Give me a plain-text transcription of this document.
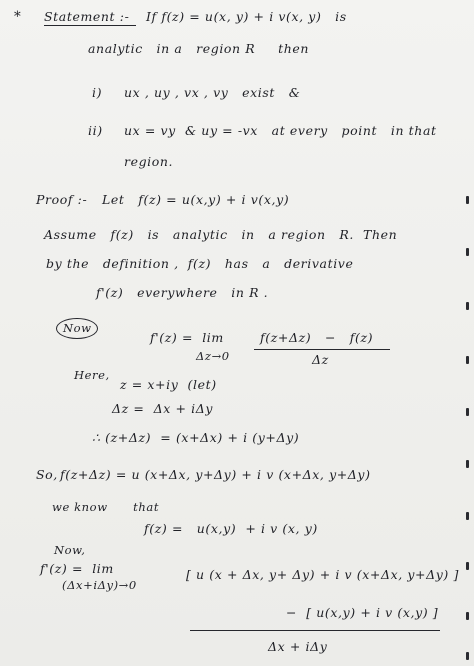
* Statement :- If f(z) = u(x, y) + i v(x, y)   is
analytic   in a   region R     then
i) ux , uy , vx , vy   exist   &
ii) ux = vy  & uy = -vx   at every   point   in that
region.
Proof :- Let   f(z) = u(x,y) + i v(x,y)
Assume   f(z)   is   analytic   in   a region   R.  Then
by the   definition ,  f(z)   has   a   derivative
f'(z)   everywhere   in R .
Now
f'(z) =  lim
Δz→0
f(z+Δz)   −   f(z)
Δz
Here,
z = x+iy  (let)
Δz =  Δx + iΔy
∴ (z+Δz)  = (x+Δx) + i (y+Δy)
So, f(z+Δz) = u (x+Δx, y+Δy) + i v (x+Δx, y+Δy)
we know      that
f(z) =   u(x,y)  + i v (x, y)
Now,
f'(z) =  lim
(Δx+iΔy)→0
[ u (x + Δx, y+ Δy) + i v (x+Δx, y+Δy) ]
−  [ u(x,y) + i v (x,y) ]
Δx + iΔy
